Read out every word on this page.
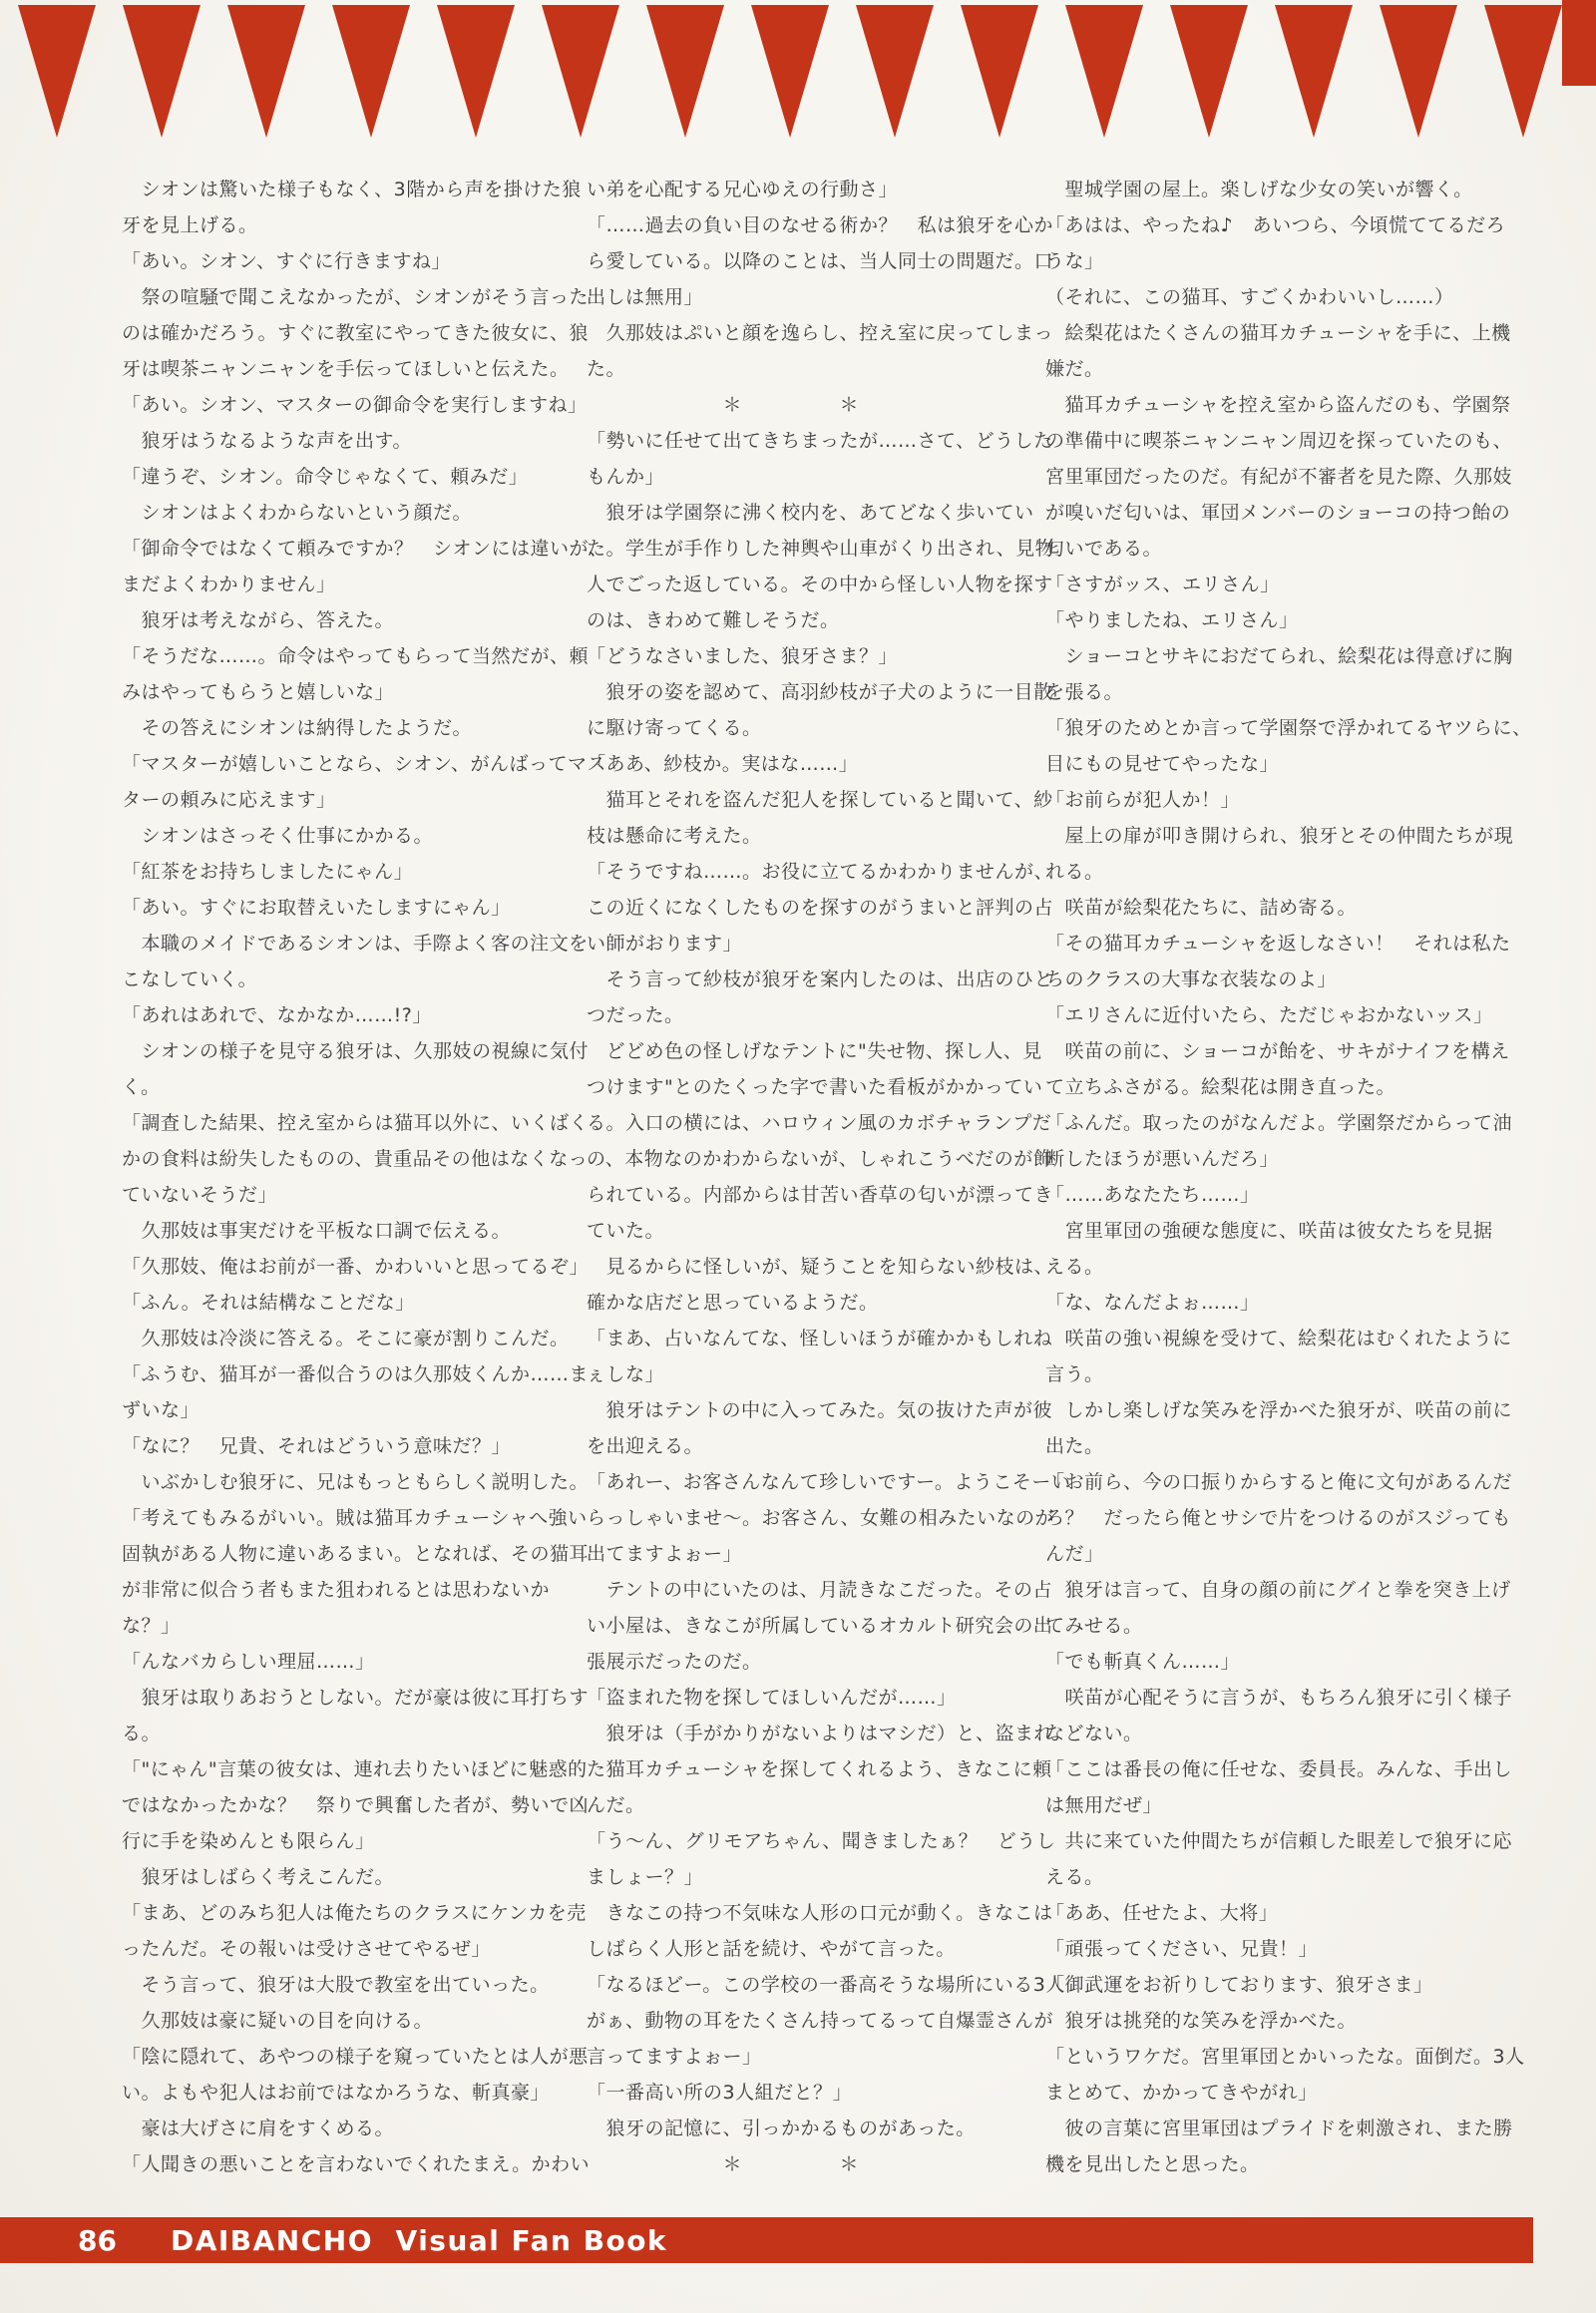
　シオンは驚いた様子もなく、3階から声を掛けた狼
牙を見上げる。
「あい。シオン、すぐに行きますね」
　祭の喧騒で聞こえなかったが、シオンがそう言った
のは確かだろう。すぐに教室にやってきた彼女に、狼
牙は喫茶ニャンニャンを手伝ってほしいと伝えた。
「あい。シオン、マスターの御命令を実行しますね」
　狼牙はうなるような声を出す。
「違うぞ、シオン。命令じゃなくて、頼みだ」
　シオンはよくわからないという顔だ。
「御命令ではなくて頼みですか？　シオンには違いが、
まだよくわかりません」
　狼牙は考えながら、答えた。
「そうだな……。命令はやってもらって当然だが、頼
みはやってもらうと嬉しいな」
　その答えにシオンは納得したようだ。
「マスターが嬉しいことなら、シオン、がんばってマス
ターの頼みに応えます」
　シオンはさっそく仕事にかかる。
「紅茶をお持ちしましたにゃん」
「あい。すぐにお取替えいたしますにゃん」
　本職のメイドであるシオンは、手際よく客の注文を
こなしていく。
「あれはあれで、なかなか……!?」
　シオンの様子を見守る狼牙は、久那妓の視線に気付
く。
「調査した結果、控え室からは猫耳以外に、いくばく
かの食料は紛失したものの、貴重品その他はなくなっ
ていないそうだ」
　久那妓は事実だけを平板な口調で伝える。
「久那妓、俺はお前が一番、かわいいと思ってるぞ」
「ふん。それは結構なことだな」
　久那妓は冷淡に答える。そこに豪が割りこんだ。
「ふうむ、猫耳が一番似合うのは久那妓くんか……ま
ずいな」
「なに？　兄貴、それはどういう意味だ？」
　いぶかしむ狼牙に、兄はもっともらしく説明した。
「考えてもみるがいい。賊は猫耳カチューシャへ強い
固執がある人物に違いあるまい。となれば、その猫耳
が非常に似合う者もまた狙われるとは思わないか
な？」
「んなバカらしい理屈……」
　狼牙は取りあおうとしない。だが豪は彼に耳打ちす
る。
「"にゃん"言葉の彼女は、連れ去りたいほどに魅惑的
ではなかったかな？　祭りで興奮した者が、勢いで凶
行に手を染めんとも限らん」
　狼牙はしばらく考えこんだ。
「まあ、どのみち犯人は俺たちのクラスにケンカを売
ったんだ。その報いは受けさせてやるぜ」
　そう言って、狼牙は大股で教室を出ていった。
　久那妓は豪に疑いの目を向ける。
「陰に隠れて、あやつの様子を窺っていたとは人が悪
い。よもや犯人はお前ではなかろうな、斬真豪」
　豪は大げさに肩をすくめる。
「人聞きの悪いことを言わないでくれたまえ。かわい
い弟を心配する兄心ゆえの行動さ」
「……過去の負い目のなせる術か？　私は狼牙を心か
ら愛している。以降のことは、当人同士の問題だ。口
出しは無用」
　久那妓はぷいと顔を逸らし、控え室に戻ってしまっ
た。
　　　　　　　＊　　　　　＊
「勢いに任せて出てきちまったが……さて、どうした
もんか」
　狼牙は学園祭に沸く校内を、あてどなく歩いてい
た。学生が手作りした神輿や山車がくり出され、見物
人でごった返している。その中から怪しい人物を探す
のは、きわめて難しそうだ。
「どうなさいました、狼牙さま？」
　狼牙の姿を認めて、高羽紗枝が子犬のように一目散
に駆け寄ってくる。
「ああ、紗枝か。実はな……」
　猫耳とそれを盗んだ犯人を探していると聞いて、紗
枝は懸命に考えた。
「そうですね……。お役に立てるかわかりませんが、
この近くになくしたものを探すのがうまいと評判の占
い師がおります」
　そう言って紗枝が狼牙を案内したのは、出店のひと
つだった。
　どどめ色の怪しげなテントに"失せ物、探し人、見
つけます"とのたくった字で書いた看板がかかってい
る。入口の横には、ハロウィン風のカボチャランプだ
の、本物なのかわからないが、しゃれこうべだのが飾
られている。内部からは甘苦い香草の匂いが漂ってき
ていた。
　見るからに怪しいが、疑うことを知らない紗枝は、
確かな店だと思っているようだ。
「まあ、占いなんてな、怪しいほうが確かかもしれね
ぇしな」
　狼牙はテントの中に入ってみた。気の抜けた声が彼
を出迎える。
「あれー、お客さんなんて珍しいですー。ようこそーい
らっしゃいませ～。お客さん、女難の相みたいなのが
出てますよぉー」
　テントの中にいたのは、月読きなこだった。その占
い小屋は、きなこが所属しているオカルト研究会の出
張展示だったのだ。
「盗まれた物を探してほしいんだが……」
　狼牙は（手がかりがないよりはマシだ）と、盗まれ
た猫耳カチューシャを探してくれるよう、きなこに頼
んだ。
「う～ん、グリモアちゃん、聞きましたぁ？　どうし
ましょー？」
　きなこの持つ不気味な人形の口元が動く。きなこは
しばらく人形と話を続け、やがて言った。
「なるほどー。この学校の一番高そうな場所にいる3人
がぁ、動物の耳をたくさん持ってるって自爆霊さんが
言ってますよぉー」
「一番高い所の3人組だと？」
　狼牙の記憶に、引っかかるものがあった。
　　　　　　　＊　　　　　＊
　聖城学園の屋上。楽しげな少女の笑いが響く。
「あはは、やったね♪　あいつら、今頃慌ててるだろ
うな」
（それに、この猫耳、すごくかわいいし……）
　絵梨花はたくさんの猫耳カチューシャを手に、上機
嫌だ。
　猫耳カチューシャを控え室から盗んだのも、学園祭
の準備中に喫茶ニャンニャン周辺を探っていたのも、
宮里軍団だったのだ。有紀が不審者を見た際、久那妓
が嗅いだ匂いは、軍団メンバーのショーコの持つ飴の
匂いである。
「さすがッス、エリさん」
「やりましたね、エリさん」
　ショーコとサキにおだてられ、絵梨花は得意げに胸
を張る。
「狼牙のためとか言って学園祭で浮かれてるヤツらに、
目にもの見せてやったな」
「お前らが犯人か！」
　屋上の扉が叩き開けられ、狼牙とその仲間たちが現
れる。
　咲苗が絵梨花たちに、詰め寄る。
「その猫耳カチューシャを返しなさい！　それは私た
ちのクラスの大事な衣装なのよ」
「エリさんに近付いたら、ただじゃおかないッス」
　咲苗の前に、ショーコが飴を、サキがナイフを構え
て立ちふさがる。絵梨花は開き直った。
「ふんだ。取ったのがなんだよ。学園祭だからって油
断したほうが悪いんだろ」
「……あなたたち……」
　宮里軍団の強硬な態度に、咲苗は彼女たちを見据
える。
「な、なんだよぉ……」
　咲苗の強い視線を受けて、絵梨花はむくれたように
言う。
　しかし楽しげな笑みを浮かべた狼牙が、咲苗の前に
出た。
「お前ら、今の口振りからすると俺に文句があるんだ
ろ？　だったら俺とサシで片をつけるのがスジっても
んだ」
　狼牙は言って、自身の顔の前にグイと拳を突き上げ
てみせる。
「でも斬真くん……」
　咲苗が心配そうに言うが、もちろん狼牙に引く様子
などない。
「ここは番長の俺に任せな、委員長。みんな、手出し
は無用だぜ」
　共に来ていた仲間たちが信頼した眼差しで狼牙に応
える。
「ああ、任せたよ、大将」
「頑張ってください、兄貴！」
「御武運をお祈りしております、狼牙さま」
　狼牙は挑発的な笑みを浮かべた。
「というワケだ。宮里軍団とかいったな。面倒だ。3人
まとめて、かかってきやがれ」
　彼の言葉に宮里軍団はプライドを刺激され、また勝
機を見出したと思った。
86 DAIBANCHO  Visual Fan Book
